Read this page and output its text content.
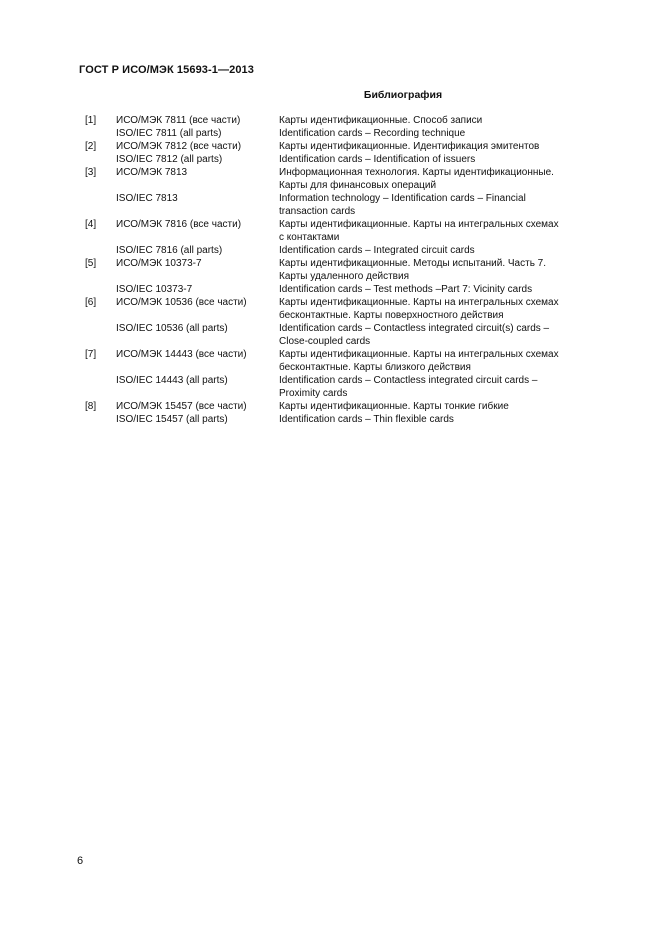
ГОСТ Р ИСО/МЭК 15693-1—2013
Библиография
[1] ИСО/МЭК 7811 (все части)	Карты идентификационные. Способ записи
ISO/IEC 7811 (all parts)	Identification cards – Recording technique
[2] ИСО/МЭК 7812 (все части)	Карты идентификационные. Идентификация эмитентов
ISO/IEC 7812 (all parts)	Identification cards – Identification of issuers
[3] ИСО/МЭК 7813	Информационная технология. Карты идентификационные.
Карты для финансовых операций
ISO/IEC 7813	Information technology – Identification cards – Financial
transaction cards
[4] ИСО/МЭК 7816 (все части)	Карты идентификационные. Карты на интегральных схемах
с контактами
ISO/IEC 7816 (all parts)	Identification cards – Integrated circuit cards
[5] ИСО/МЭК 10373-7	Карты идентификационные. Методы испытаний. Часть 7.
Карты удаленного действия
ISO/IEC 10373-7	Identification cards – Test methods –Part 7: Vicinity cards
[6] ИСО/МЭК 10536 (все части)	Карты идентификационные. Карты на интегральных схемах
бесконтактные. Карты поверхностного действия
ISO/IEC 10536 (all parts)	Identification cards – Contactless integrated circuit(s) cards –
Close-coupled cards
[7] ИСО/МЭК 14443 (все части)	Карты идентификационные. Карты на интегральных схемах
бесконтактные. Карты близкого действия
ISO/IEC 14443 (all parts)	Identification cards – Contactless integrated circuit cards –
Proximity cards
[8] ИСО/МЭК 15457 (все части)	Карты идентификационные. Карты тонкие гибкие
ISO/IEC 15457 (all parts)	Identification cards – Thin flexible cards
6
